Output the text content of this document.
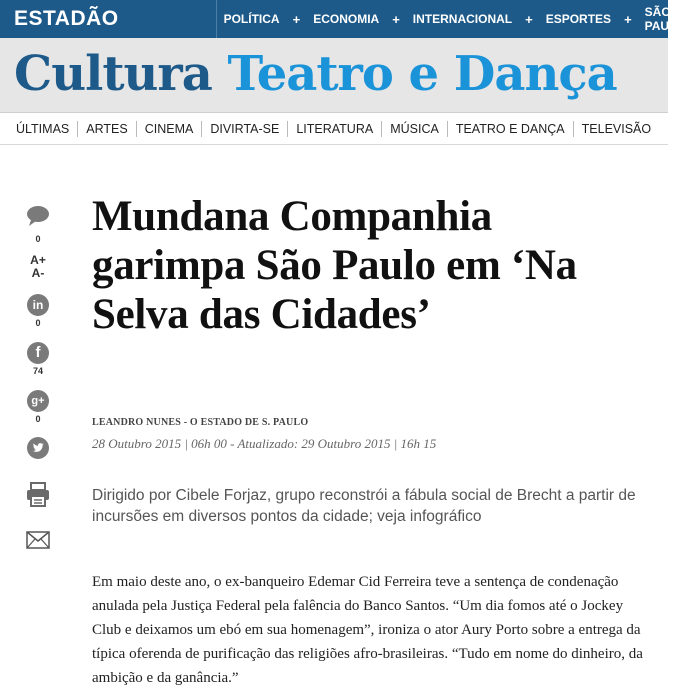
ESTADÃO	POLÍTICA	+	ECONOMIA	+	INTERNACIONAL	+	ESPORTES	+	SÃO PAULO
Cultura Teatro e Dança
ÚLTIMAS	ARTES	CINEMA	DIVIRTA-SE	LITERATURA	MÚSICA	TEATRO E DANÇA	TELEVISÃO
0
A+
A-
in
0
f
74
g+
0
Mundana Companhia garimpa São Paulo em ‘Na Selva das Cidades’
LEANDRO NUNES - O ESTADO DE S. PAULO
28 Outubro 2015 | 06h 00 - Atualizado: 29 Outubro 2015 | 16h 15

Dirigido por Cibele Forjaz, grupo reconstrói a fábula social de Brecht a partir de incursões em diversos pontos da cidade; veja infográfico

Em maio deste ano, o ex-banqueiro Edemar Cid Ferreira teve a sentença de condenação anulada pela Justiça Federal pela falência do Banco Santos. “Um dia fomos até o Jockey Club e deixamos um ebó em sua homenagem”, ironiza o ator Aury Porto sobre a entrega da típica oferenda de purificação das religiões afro-brasileiras. “Tudo em nome do dinheiro, da ambição e da ganância.”
